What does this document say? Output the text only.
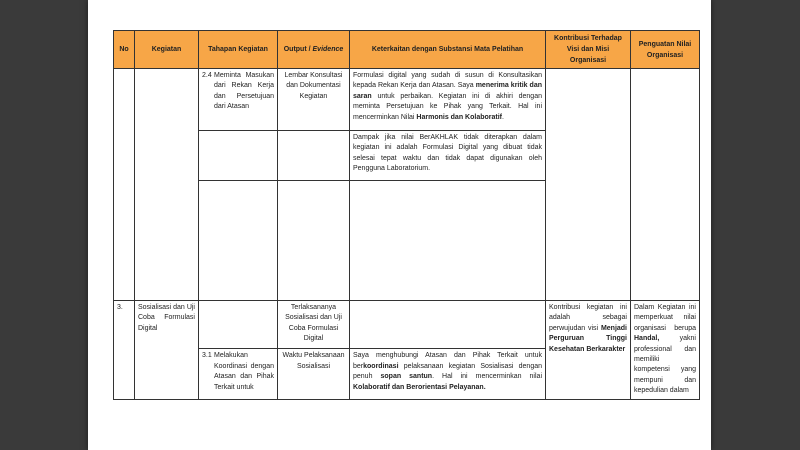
No	Kegiatan	Tahapan Kegiatan	Output / Evidence	Keterkaitan dengan Substansi Mata Pelatihan	Kontribusi Terhadap Visi dan Misi Organisasi	Penguatan Nilai Organisasi

		2.4 Meminta Masukan dari Rekan Kerja dan Persetujuan dari Atasan	Lembar Konsultasi dan Dokumentasi Kegiatan	Formulasi digital yang sudah di susun di Konsultasikan kepada Rekan Kerja dan Atasan. Saya menerima kritik dan saran untuk perbaikan. Kegiatan ini di akhiri dengan meminta Persetujuan ke Pihak yang Terkait. Hal ini mencerminkan Nilai Harmonis dan Kolaboratif.		
				Dampak jika nilai BerAKHLAK tidak diterapkan dalam kegiatan ini adalah Formulasi Digital yang dibuat tidak selesai tepat waktu dan tidak dapat digunakan oleh Pengguna Laboratorium.		

3.	Sosialisasi dan Uji Coba Formulasi Digital		Terlaksananya Sosialisasi dan Uji Coba Formulasi Digital		Kontribusi kegiatan ini adalah sebagai perwujudan visi Menjadi Perguruan Tinggi Kesehatan Berkarakter	Dalam Kegiatan ini memperkuat nilai organisasi berupa Handal, yakni professional dan memiliki kompetensi yang mempuni dan kepedulian dalam

		3.1 Melakukan Koordinasi dengan Atasan dan Pihak Terkait untuk	Waktu Pelaksanaan Sosialisasi	Saya menghubungi Atasan dan Pihak Terkait untuk berkoordinasi pelaksanaan kegiatan Sosialisasi dengan penuh sopan santun. Hal ini mencerminkan nilai Kolaboratif dan Berorientasi Pelayanan.		
